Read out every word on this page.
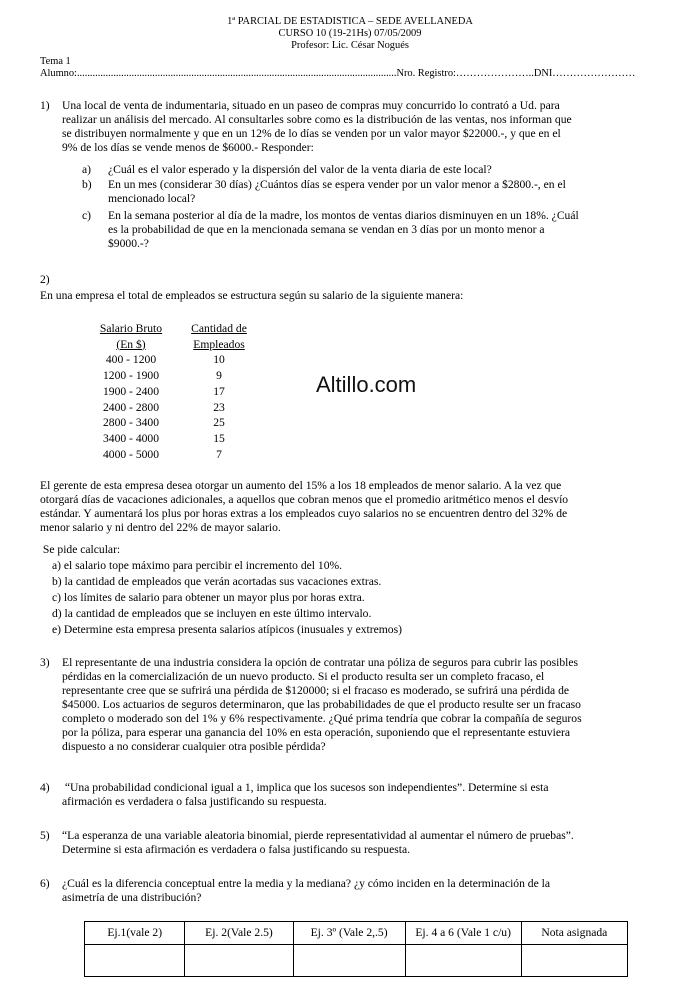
1ª PARCIAL DE ESTADISTICA – SEDE AVELLANEDA
CURSO 10 (19-21Hs) 07/05/2009
Profesor: Lic. César Nogués
Tema 1
Alumno:...........................................................................................................................Nro. Registro:…………………..DNI……………………
1) Una local de venta de indumentaria, situado en un paseo de compras muy concurrido lo contrató a Ud. para
realizar un análisis del mercado. Al consultarles sobre como es la distribución de las ventas, nos informan que
se distribuyen normalmente y que en un 12% de lo días se venden por un valor mayor $22000.-, y que en el
9% de los días se vende menos de $6000.- Responder:
a) ¿Cuál es el valor esperado y la dispersión del valor de la venta diaria de este local?
b) En un mes (considerar 30 días) ¿Cuántos días se espera vender por un valor menor a $2800.-, en el
mencionado local?
c) En la semana posterior al día de la madre, los montos de ventas diarios disminuyen en un 18%. ¿Cuál
es la probabilidad de que en la mencionada semana se vendan en 3 días por un monto menor a
$9000.-?
2)
En una empresa el total de empleados se estructura según su salario de la siguiente manera:
Salario Bruto	Cantidad de
(En $)	Empleados
400 - 1200	10
1200 - 1900	9
1900 - 2400	17
2400 - 2800	23
2800 - 3400	25
3400 - 4000	15
4000 - 5000	7
Altillo.com
El gerente de esta empresa desea otorgar un aumento del 15% a los 18 empleados de menor salario. A la vez que
otorgará días de vacaciones adicionales, a aquellos que cobran menos que el promedio aritmético menos el desvío
estándar. Y aumentará los plus por horas extras a los empleados cuyo salarios no se encuentren dentro del 32% de
menor salario y ni dentro del 22% de mayor salario.
Se pide calcular:
a) el salario tope máximo para percibir el incremento del 10%.
b) la cantidad de empleados que verán acortadas sus vacaciones extras.
c) los límites de salario para obtener un mayor plus por horas extra.
d) la cantidad de empleados que se incluyen en este último intervalo.
e) Determine esta empresa presenta salarios atípicos (inusuales y extremos)
3) El representante de una industria considera la opción de contratar una póliza de seguros para cubrir las posibles
pérdidas en la comercialización de un nuevo producto. Si el producto resulta ser un completo fracaso, el
representante cree que se sufrirá una pérdida de $120000; si el fracaso es moderado, se sufrirá una pérdida de
$45000. Los actuarios de seguros determinaron, que las probabilidades de que el producto resulte ser un fracaso
completo o moderado son del 1% y 6% respectivamente. ¿Qué prima tendría que cobrar la compañía de seguros
por la póliza, para esperar una ganancia del 10% en esta operación, suponiendo que el representante estuviera
dispuesto a no considerar cualquier otra posible pérdida?
4) “Una probabilidad condicional igual a 1, implica que los sucesos son independientes”. Determine si esta
afirmación es verdadera o falsa justificando su respuesta.
5) “La esperanza de una variable aleatoria binomial, pierde representatividad al aumentar el número de pruebas”.
Determine si esta afirmación es verdadera o falsa justificando su respuesta.
6) ¿Cuál es la diferencia conceptual entre la media y la mediana? ¿y cómo inciden en la determinación de la
asimetría de una distribución?
Ej.1(vale 2)	Ej. 2(Vale 2.5)	Ej. 3º (Vale 2,.5)	Ej. 4 a 6 (Vale 1 c/u)	Nota asignada
